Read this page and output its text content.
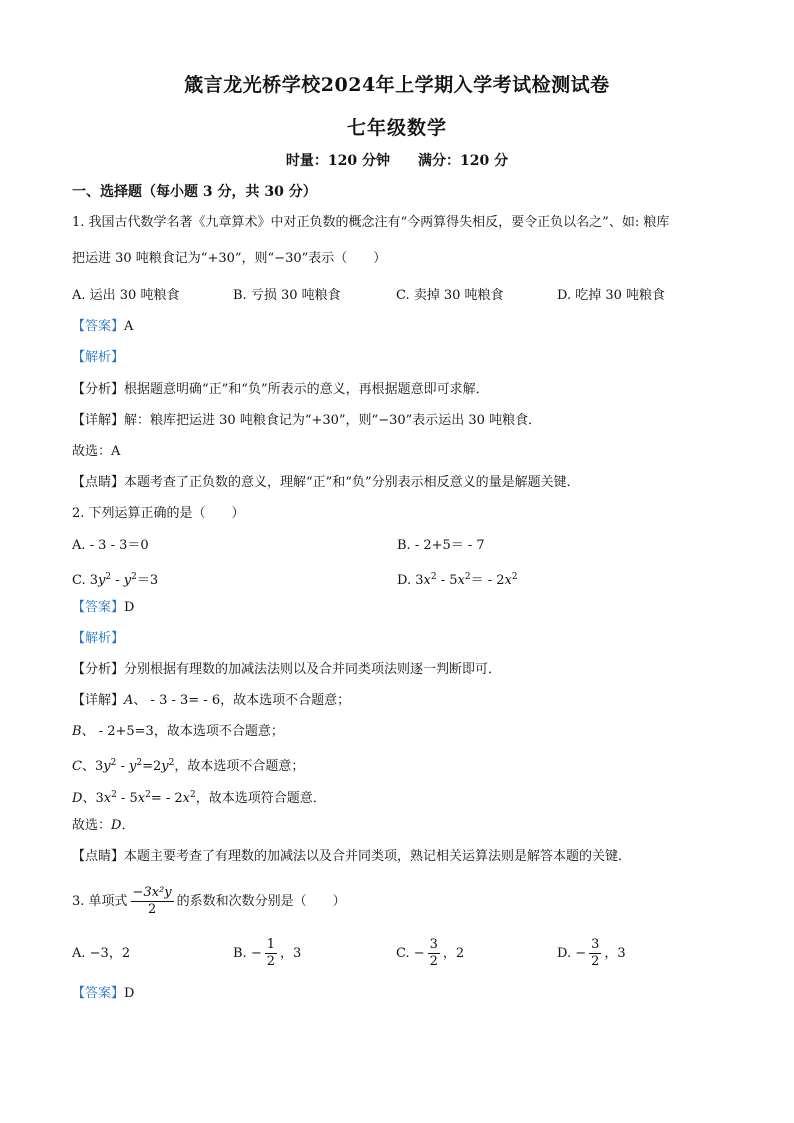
箴言龙光桥学校2024年上学期入学考试检测试卷
七年级数学
时量：120 分钟　　满分：120 分
一、选择题（每小题 3 分，共 30 分）
1. 我国古代数学名著《九章算术》中对正负数的概念注有“今两算得失相反，要令正负以名之”、如: 粮库
把运进 30 吨粮食记为“+30”，则“−30”表示（　　）
A. 运出 30 吨粮食	B. 亏损 30 吨粮食	C. 卖掉 30 吨粮食	D. 吃掉 30 吨粮食
【答案】A
【解析】
【分析】根据题意明确“正”和“负”所表示的意义，再根据题意即可求解．
【详解】解：粮库把运进 30 吨粮食记为“+30”，则“−30”表示运出 30 吨粮食．
故选：A
【点睛】本题考查了正负数的意义，理解“正”和“负”分别表示相反意义的量是解题关键．
2. 下列运算正确的是（　　）
A. - 3 - 3＝0	B. - 2+5＝ - 7
C. $3y^2 - y^2=3$	D. $3x^2 - 5x^2= - 2x^2$
【答案】D
【解析】
【分析】分别根据有理数的加减法法则以及合并同类项法则逐一判断即可．
【详解】A、 - 3 - 3= - 6，故本选项不合题意；
B、 - 2+5=3，故本选项不合题意；
C、$3y^2 - y^2=2y^2$，故本选项不合题意；
D、$3x^2 - 5x^2= - 2x^2$，故本选项符合题意．
故选：D．
【点睛】本题主要考查了有理数的加减法以及合并同类项，熟记相关运算法则是解答本题的关键．
3. 单项式 $\frac{\text{−3x²y}}{2}$ 的系数和次数分别是（　　）
A. −3，2	B. − $\frac{1}{2}$ ，3	C. − $\frac{3}{2}$ ，2	D. − $\frac{3}{2}$ ，3
【答案】D
